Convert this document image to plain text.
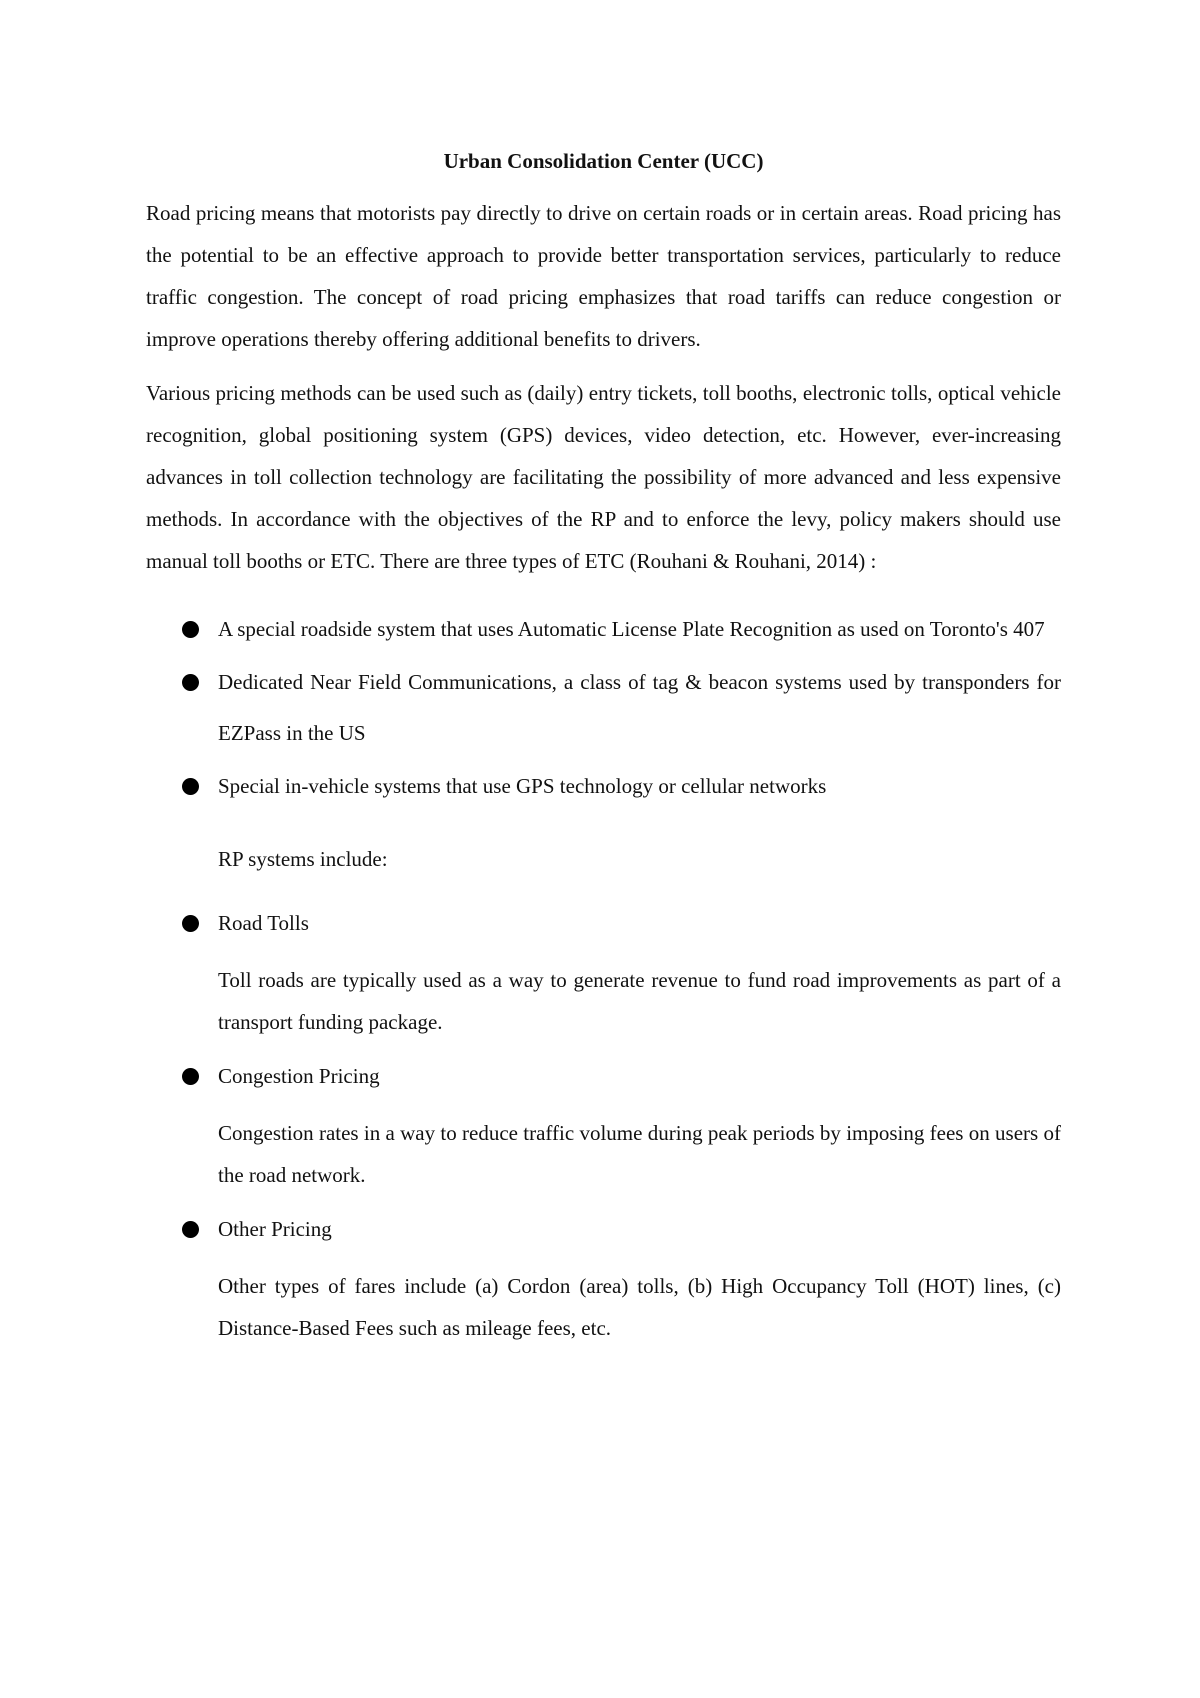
Urban Consolidation Center (UCC)

Road pricing means that motorists pay directly to drive on certain roads or in certain areas. Road pricing has the potential to be an effective approach to provide better transportation services, particularly to reduce traffic congestion. The concept of road pricing emphasizes that road tariffs can reduce congestion or improve operations thereby offering additional benefits to drivers.

Various pricing methods can be used such as (daily) entry tickets, toll booths, electronic tolls, optical vehicle recognition, global positioning system (GPS) devices, video detection, etc. However, ever-increasing advances in toll collection technology are facilitating the possibility of more advanced and less expensive methods. In accordance with the objectives of the RP and to enforce the levy, policy makers should use manual toll booths or ETC. There are three types of ETC (Rouhani & Rouhani, 2014) :

A special roadside system that uses Automatic License Plate Recognition as used on Toronto's 407
Dedicated Near Field Communications, a class of tag & beacon systems used by transponders for EZPass in the US
Special in-vehicle systems that use GPS technology or cellular networks

RP systems include:

Road Tolls

Toll roads are typically used as a way to generate revenue to fund road improvements as part of a transport funding package.

Congestion Pricing

Congestion rates in a way to reduce traffic volume during peak periods by imposing fees on users of the road network.

Other Pricing

Other types of fares include (a) Cordon (area) tolls, (b) High Occupancy Toll (HOT) lines, (c) Distance-Based Fees such as mileage fees, etc.
